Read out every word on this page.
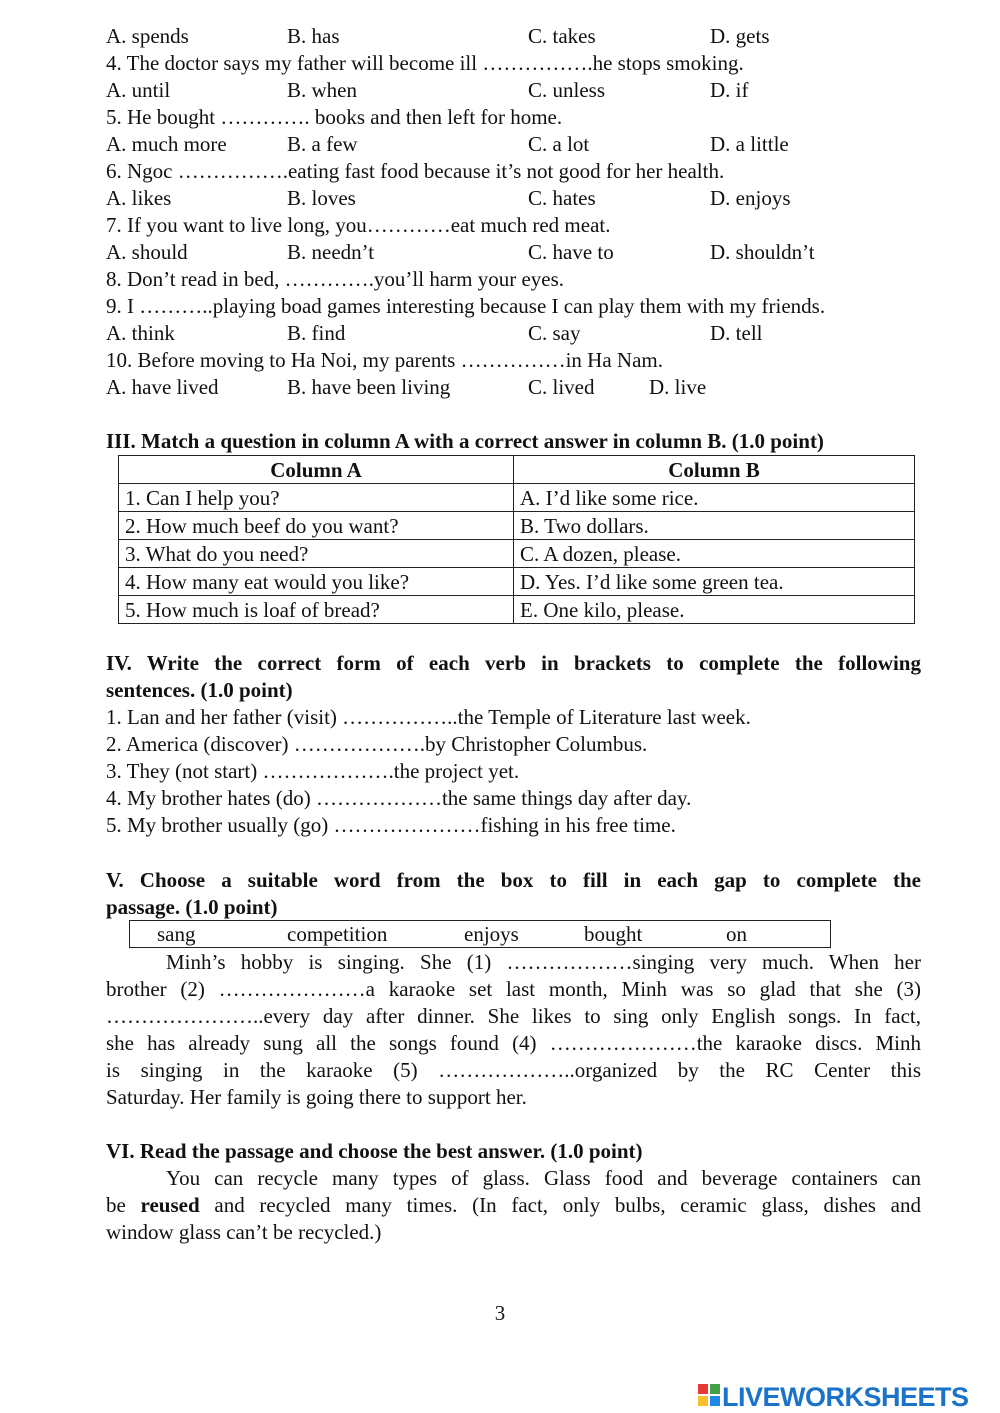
A. spends	B. has	C. takes	D. gets
4. The doctor says my father will become ill …………….he stops smoking.
A. until	B. when	C. unless	D. if
5. He bought …………. books and then left for home.
A. much more	B. a few	C. a lot	D. a little
6. Ngoc …………….eating fast food because it’s not good for her health.
A. likes	B. loves	C. hates	D. enjoys
7. If you want to live long, you…………eat much red meat.
A. should	B. needn’t	C. have to	D. shouldn’t
8. Don’t read in bed, ………….you’ll harm your eyes.
9. I ………..playing boad games interesting because I can play them with my friends.
A. think	B. find	C. say	D. tell
10. Before moving to Ha Noi, my parents ……………in Ha Nam.
A. have lived	B. have been living	C. lived	D. live
III. Match a question in column A with a correct answer in column B. (1.0 point)
Column A	Column B
1. Can I help you?	A. I’d like some rice.
2. How much beef do you want?	B. Two dollars.
3. What do you need?	C. A dozen, please.
4. How many eat would you like?	D. Yes. I’d like some green tea.
5. How much is loaf of bread?	E. One kilo, please.
IV. Write the correct form of each verb in brackets to complete the following
sentences. (1.0 point)
1. Lan and her father (visit) ……………..the Temple of Literature last week.
2. America (discover) ……………….by Christopher Columbus.
3. They (not start) ……………….the project yet.
4. My brother hates (do) ………………the same things day after day.
5. My brother usually (go) …………………fishing in his free time.
V. Choose a suitable word from the box to fill in each gap to complete the
passage. (1.0 point)
sang	competition	enjoys	bought	on
Minh’s hobby is singing. She (1) ………………singing very much. When her
brother (2) …………………a karaoke set last month, Minh was so glad that she (3)
…………………..every day after dinner. She likes to sing only English songs. In fact,
she has already sung all the songs found (4) …………………the karaoke discs. Minh
is singing in the karaoke (5) ………………..organized by the RC Center this
Saturday. Her family is going there to support her.
VI. Read the passage and choose the best answer. (1.0 point)
You can recycle many types of glass. Glass food and beverage containers can
be reused and recycled many times. (In fact, only bulbs, ceramic glass, dishes and
window glass can’t be recycled.)
3
LIVEWORKSHEETS
